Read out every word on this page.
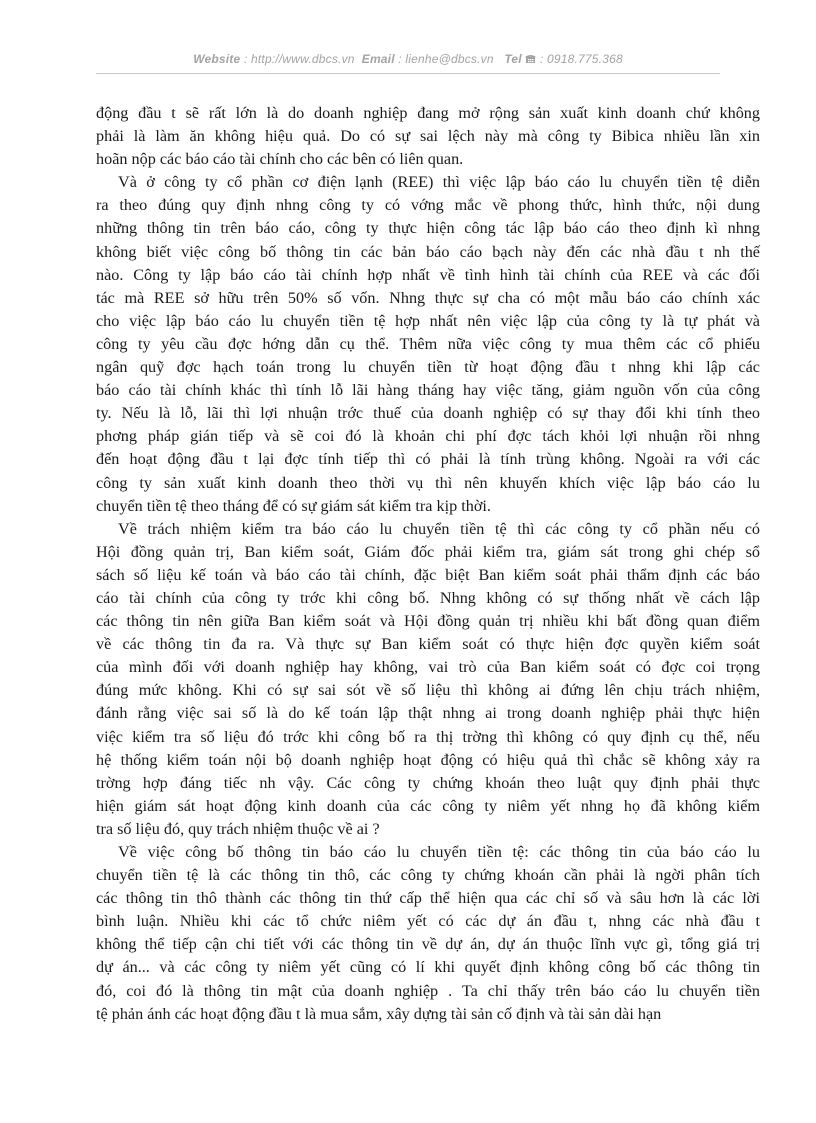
Website : http://www.dbcs.vn Email : lienhe@dbcs.vn Tel : 0918.775.368
động đầu t sẽ rất lớn là do doanh nghiệp đang mở rộng sản xuất kinh doanh chứ không
phải là làm ăn không hiệu quả. Do có sự sai lệch này mà công ty Bibica nhiều lần xin
hoãn nộp các báo cáo tài chính cho các bên có liên quan.
Và ở công ty cổ phần cơ điện lạnh (REE) thì việc lập báo cáo lu chuyển tiền tệ diễn
ra theo đúng quy định nhng công ty có vớng mắc về phong thức, hình thức, nội dung
những thông tin trên báo cáo, công ty thực hiện công tác lập báo cáo theo định kì nhng
không biết việc công bố thông tin các bản báo cáo bạch này đến các nhà đầu t nh thế
nào. Công ty lập báo cáo tài chính hợp nhất về tình hình tài chính của REE và các đối
tác mà REE sở hữu trên 50% số vốn. Nhng thực sự cha có một mẫu báo cáo chính xác
cho việc lập báo cáo lu chuyển tiền tệ hợp nhất nên việc lập của công ty là tự phát và
công ty yêu cầu đợc hớng dẫn cụ thể. Thêm nữa việc công ty mua thêm các cổ phiếu
ngân quỹ đợc hạch toán trong lu chuyển tiền từ hoạt động đầu t nhng khi lập các
báo cáo tài chính khác thì tính lỗ lãi hàng tháng hay việc tăng, giảm nguồn vốn của công
ty. Nếu là lỗ, lãi thì lợi nhuận trớc thuế của doanh nghiệp có sự thay đổi khi tính theo
phơng pháp gián tiếp và sẽ coi đó là khoản chi phí đợc tách khỏi lợi nhuận rồi nhng
đến hoạt động đầu t lại đợc tính tiếp thì có phải là tính trùng không. Ngoài ra với các
công ty sản xuất kinh doanh theo thời vụ thì nên khuyến khích việc lập báo cáo lu
chuyển tiền tệ theo tháng để có sự giám sát kiểm tra kịp thời.
Về trách nhiệm kiểm tra báo cáo lu chuyển tiền tệ thì các công ty cổ phần nếu có
Hội đồng quản trị, Ban kiểm soát, Giám đốc phải kiểm tra, giám sát trong ghi chép sổ
sách số liệu kế toán và báo cáo tài chính, đặc biệt Ban kiểm soát phải thẩm định các báo
cáo tài chính của công ty trớc khi công bố. Nhng không có sự thống nhất về cách lập
các thông tin nên giữa Ban kiểm soát và Hội đồng quản trị nhiều khi bất đồng quan điểm
về các thông tin đa ra. Và thực sự Ban kiểm soát có thực hiện đợc quyền kiểm soát
của mình đối với doanh nghiệp hay không, vai trò của Ban kiểm soát có đợc coi trọng
đúng mức không. Khi có sự sai sót về số liệu thì không ai đứng lên chịu trách nhiệm,
đánh rằng việc sai số là do kế toán lập thật nhng ai trong doanh nghiệp phải thực hiện
việc kiểm tra số liệu đó trớc khi công bố ra thị trờng thì không có quy định cụ thể, nếu
hệ thống kiểm toán nội bộ doanh nghiệp hoạt động có hiệu quả thì chắc sẽ không xảy ra
trờng hợp đáng tiếc nh vậy. Các công ty chứng khoán theo luật quy định phải thực
hiện giám sát hoạt động kinh doanh của các công ty niêm yết nhng họ đã không kiểm
tra số liệu đó, quy trách nhiệm thuộc về ai ?
Về việc công bố thông tin báo cáo lu chuyển tiền tệ: các thông tin của báo cáo lu
chuyển tiền tệ là các thông tin thô, các công ty chứng khoán cần phải là ngời phân tích
các thông tin thô thành các thông tin thứ cấp thể hiện qua các chỉ số và sâu hơn là các lời
bình luận. Nhiều khi các tổ chức niêm yết có các dự án đầu t, nhng các nhà đầu t
không thể tiếp cận chi tiết với các thông tin về dự án, dự án thuộc lĩnh vực gì, tổng giá trị
dự án... và các công ty niêm yết cũng có lí khi quyết định không công bố các thông tin
đó, coi đó là thông tin mật của doanh nghiệp . Ta chỉ thấy trên báo cáo lu chuyển tiền
tệ phản ánh các hoạt động đầu t là mua sắm, xây dựng tài sản cố định và tài sản dài hạn
